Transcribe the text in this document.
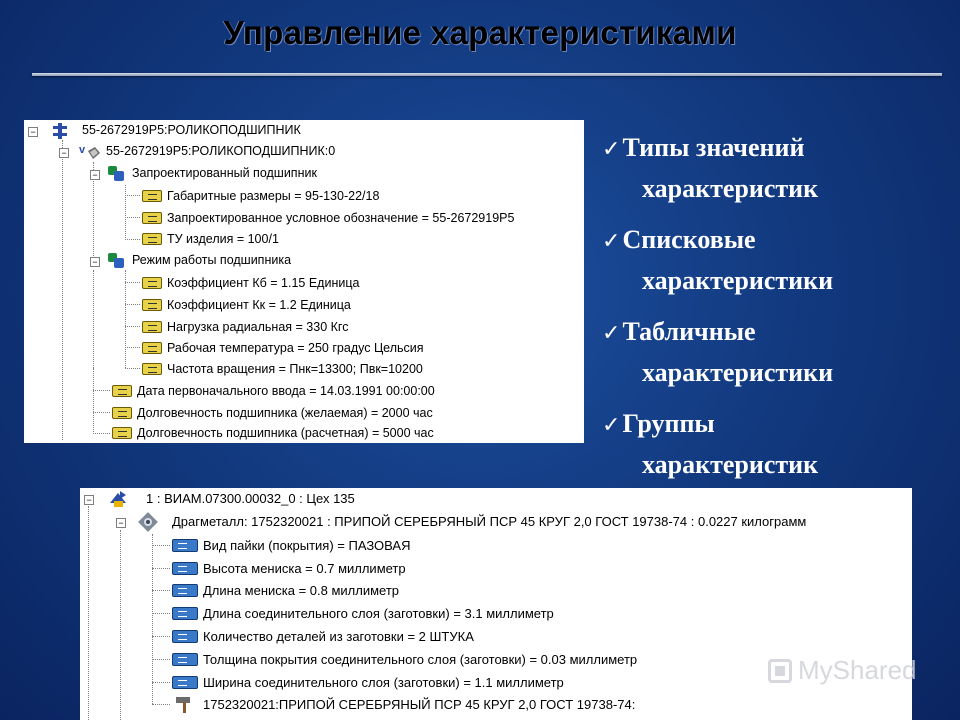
Управление характеристиками
−	55-2672919Р5:РОЛИКОПОДШИПНИК
− v 55-2672919Р5:РОЛИКОПОДШИПНИК:0
−	Запроектированный подшипник
Габаритные размеры = 95-130-22/18
Запроектированное условное обозначение = 55-2672919Р5
ТУ изделия = 100/1
−	Режим работы подшипника
Коэффициент Кб = 1.15 Единица
Коэффициент Кк = 1.2 Единица
Нагрузка радиальная = 330 Кгс
Рабочая температура = 250 градус Цельсия
Частота вращения = Пнк=13300; Пвк=10200
Дата первоначального ввода = 14.03.1991 00:00:00
Долговечность подшипника (желаемая) = 2000 час
Долговечность подшипника (расчетная) = 5000 час
✓Типы значений
характеристик
✓Списковые
характеристики
✓Табличные
характеристики
✓Группы
характеристик
−	1 : ВИАМ.07300.00032_0 : Цех 135
−	Драгметалл: 1752320021 : ПРИПОЙ СЕРЕБРЯНЫЙ ПСР 45 КРУГ 2,0 ГОСТ 19738-74 : 0.0227 килограмм
Вид пайки (покрытия) = ПАЗОВАЯ
Высота мениска = 0.7 миллиметр
Длина мениска = 0.8 миллиметр
Длина соединительного слоя (заготовки) = 3.1 миллиметр
Количество деталей из заготовки = 2 ШТУКА
Толщина покрытия соединительного слоя (заготовки) = 0.03 миллиметр
Ширина соединительного слоя (заготовки) = 1.1 миллиметр
1752320021:ПРИПОЙ СЕРЕБРЯНЫЙ ПСР 45 КРУГ 2,0 ГОСТ 19738-74:
MyShared
